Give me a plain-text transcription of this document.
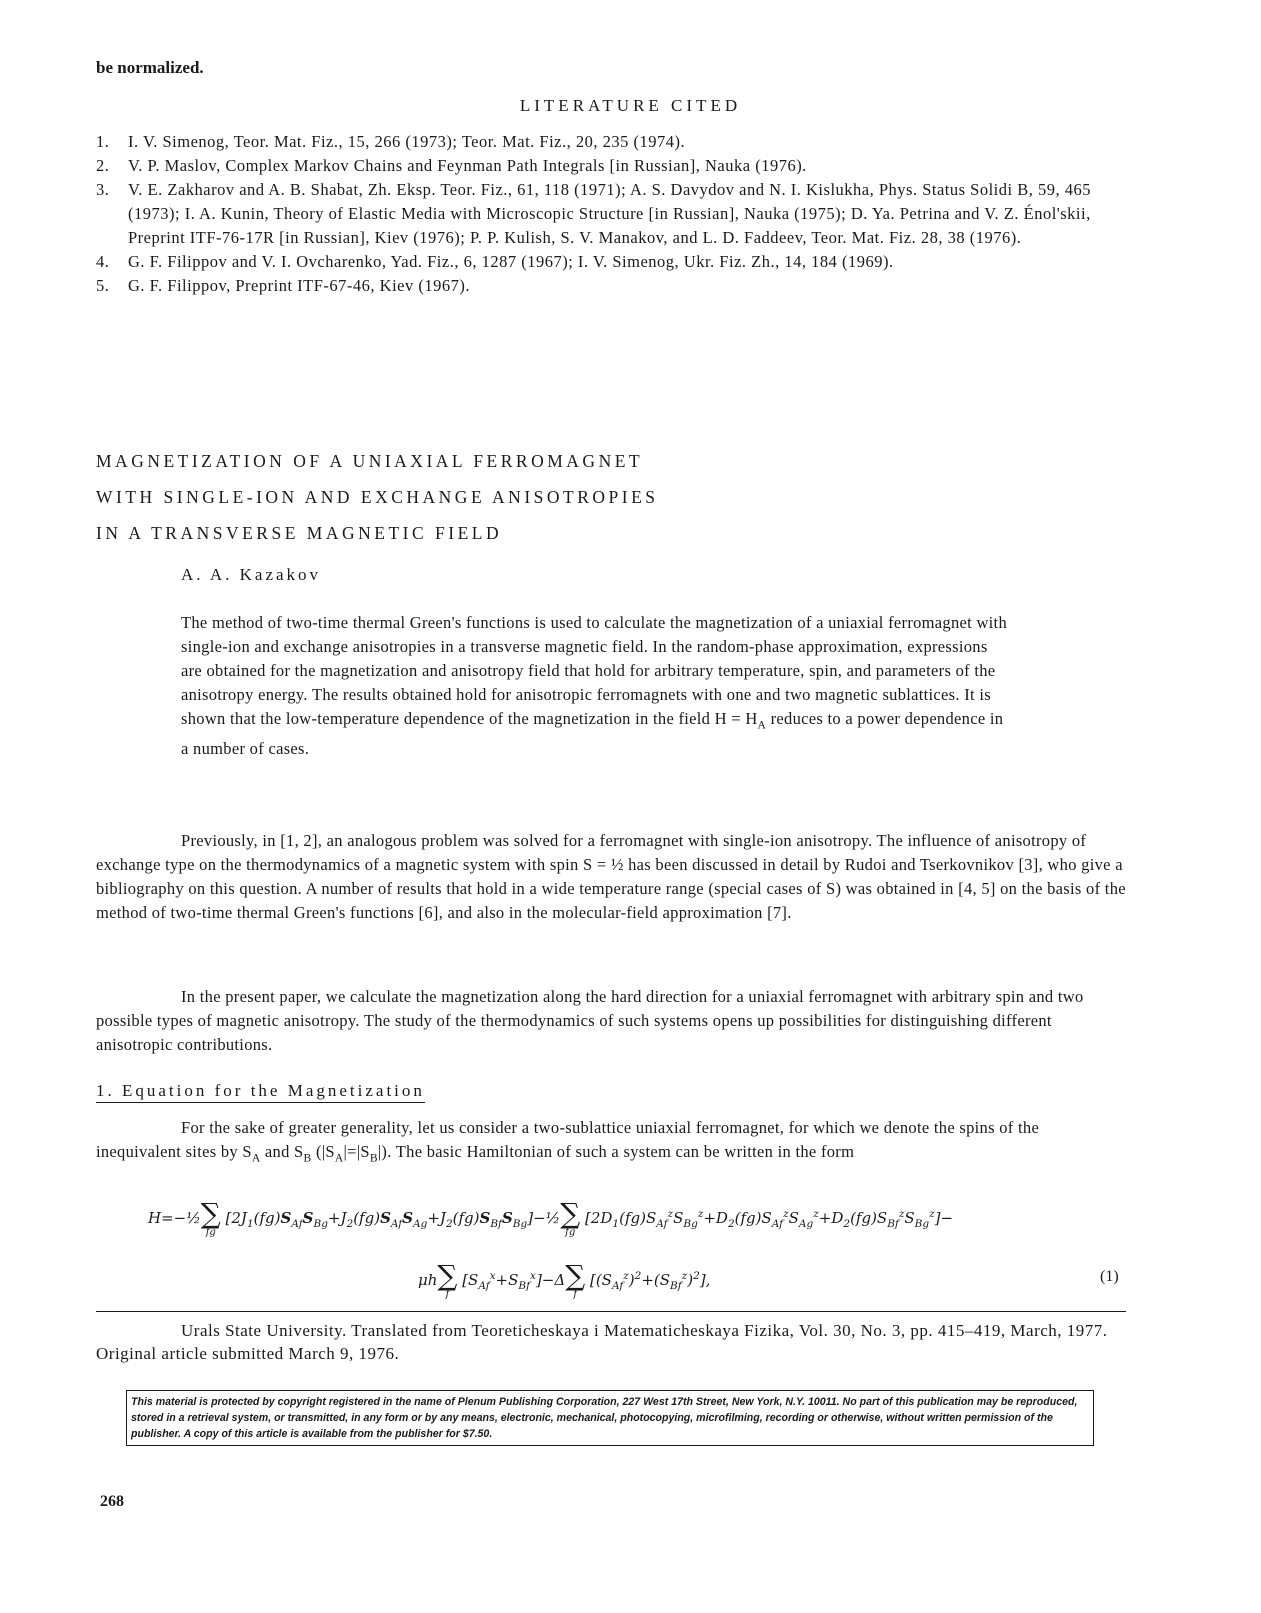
be normalized.
LITERATURE CITED
1.	I. V. Simenog, Teor. Mat. Fiz., 15, 266 (1973); Teor. Mat. Fiz., 20, 235 (1974).
2.	V. P. Maslov, Complex Markov Chains and Feynman Path Integrals [in Russian], Nauka (1976).
3.	V. E. Zakharov and A. B. Shabat, Zh. Eksp. Teor. Fiz., 61, 118 (1971); A. S. Davydov and N. I. Kislukha, Phys. Status Solidi B, 59, 465 (1973); I. A. Kunin, Theory of Elastic Media with Microscopic Structure [in Russian], Nauka (1975); D. Ya. Petrina and V. Z. Énol'skii, Preprint ITF-76-17R [in Russian], Kiev (1976); P. P. Kulish, S. V. Manakov, and L. D. Faddeev, Teor. Mat. Fiz. 28, 38 (1976).
4.	G. F. Filippov and V. I. Ovcharenko, Yad. Fiz., 6, 1287 (1967); I. V. Simenog, Ukr. Fiz. Zh., 14, 184 (1969).
5.	G. F. Filippov, Preprint ITF-67-46, Kiev (1967).
MAGNETIZATION OF A UNIAXIAL FERROMAGNET
WITH SINGLE-ION AND EXCHANGE ANISOTROPIES
IN A TRANSVERSE MAGNETIC FIELD
A. A. Kazakov
The method of two-time thermal Green's functions is used to calculate the magnetization of a uniaxial ferromagnet with single-ion and exchange anisotropies in a transverse magnetic field. In the random-phase approximation, expressions are obtained for the magnetization and anisotropy field that hold for arbitrary temperature, spin, and parameters of the anisotropy energy. The results obtained hold for anisotropic ferromagnets with one and two magnetic sublattices. It is shown that the low-temperature dependence of the magnetization in the field $H = H_A$ reduces to a power dependence in a number of cases.

Previously, in [1, 2], an analogous problem was solved for a ferromagnet with single-ion anisotropy. The influence of anisotropy of exchange type on the thermodynamics of a magnetic system with spin S = ½ has been discussed in detail by Rudoi and Tserkovnikov [3], who give a bibliography on this question. A number of results that hold in a wide temperature range (special cases of S) was obtained in [4, 5] on the basis of the method of two-time thermal Green's functions [6], and also in the molecular-field approximation [7].

In the present paper, we calculate the magnetization along the hard direction for a uniaxial ferromagnet with arbitrary spin and two possible types of magnetic anisotropy. The study of the thermodynamics of such systems opens up possibilities for distinguishing different anisotropic contributions.

1. Equation for the Magnetization

For the sake of greater generality, let us consider a two-sublattice uniaxial ferromagnet, for which we denote the spins of the inequivalent sites by $S_A$ and $S_B$ $(|S_A|=|S_B|)$. The basic Hamiltonian of such a system can be written in the form

H=−½ ∑
fg
$[2J_1(fg)S_{Af}S_{Bg}+J_2(fg)S_{Af}S_{Ag}+J_2(fg)S_{Bf}S_{Bg}]-\frac{1}{2}$ ∑
fg
$[2D_1(fg)S_{Af}^zS_{Bg}^z+D_2(fg)S_{Af}^zS_{Ag}^z+D_2(fg)S_{Bf}^zS_{Bg}^z]-$
μh ∑
f
$[S_{Af}^x+S_{Bf}^x]-\Delta$ ∑
f
$[(S_{Af}^z)^2+(S_{Bf}^z)^2]$,	(1)
Urals State University. Translated from Teoreticheskaya i Matematicheskaya Fizika, Vol. 30, No. 3, pp. 415–419, March, 1977. Original article submitted March 9, 1976.
This material is protected by copyright registered in the name of Plenum Publishing Corporation, 227 West 17th Street, New York, N.Y. 10011. No part of this publication may be reproduced, stored in a retrieval system, or transmitted, in any form or by any means, electronic, mechanical, photocopying, microfilming, recording or otherwise, without written permission of the publisher. A copy of this article is available from the publisher for $7.50.
268
